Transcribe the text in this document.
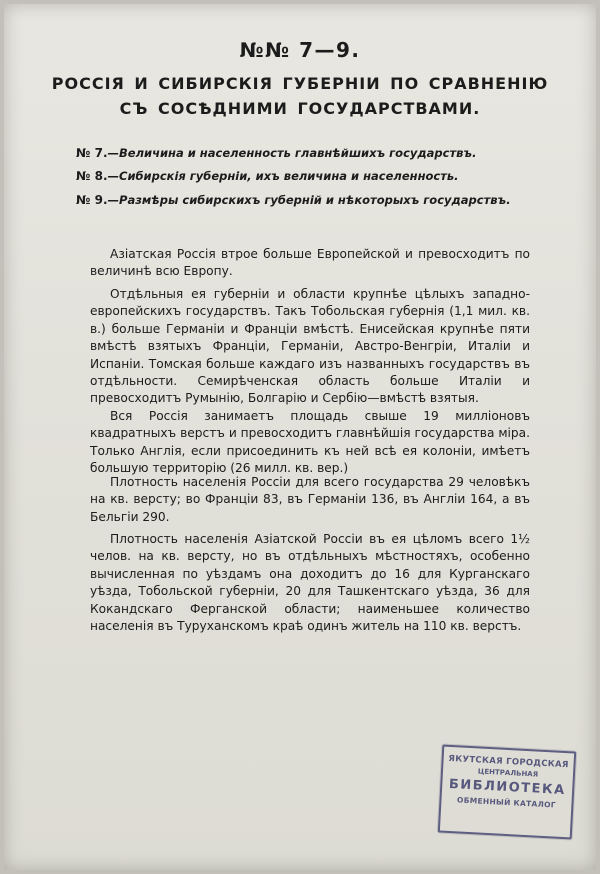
№№ 7—9.
РОССІЯ И СИБИРСКІЯ ГУБЕРНІИ ПО СРАВНЕНІЮ
СЪ СОСѢДНИМИ ГОСУДАРСТВАМИ.
№ 7.—Величина и населенность главнѣйшихъ государствъ.
№ 8.—Сибирскія губерніи, ихъ величина и населенность.
№ 9.—Размѣры сибирскихъ губерній и нѣкоторыхъ государствъ.

Азіатская Россія втрое больше Европейской и превосходитъ по величинѣ всю Европу.

Отдѣльныя ея губерніи и области крупнѣе цѣлыхъ западно-европейскихъ государствъ. Такъ Тобольская губернія (1,1 мил. кв. в.) больше Германіи и Франціи вмѣстѣ. Енисейская крупнѣе пяти вмѣстѣ взятыхъ Франціи, Германіи, Австро-Венгріи, Италіи и Испаніи. Томская больше каждаго изъ названныхъ государствъ въ отдѣльности. Семирѣченская область больше Италіи и превосходитъ Румынію, Болгарію и Сербію—вмѣстѣ взятыя.

Вся Россія занимаетъ площадь свыше 19 милліоновъ квадратныхъ верстъ и превосходитъ главнѣйшія государства міра. Только Англія, если присоединить къ ней всѣ ея колоніи, имѣетъ большую территорію (26 милл. кв. вер.)

Плотность населенія Россіи для всего государства 29 человѣкъ на кв. версту; во Франціи 83, въ Германіи 136, въ Англіи 164, а въ Бельгіи 290.

Плотность населенія Азіатской Россіи въ ея цѣломъ всего 1½ челов. на кв. версту, но въ отдѣльныхъ мѣстностяхъ, особенно вычисленная по уѣздамъ она доходитъ до 16 для Курганскаго уѣзда, Тобольской губерніи, 20 для Ташкентскаго уѣзда, 36 для Кокандскаго Ферганской области; наименьшее количество населенія въ Туруханскомъ краѣ одинъ житель на 110 кв. верстъ.

ЯКУТСКАЯ ГОРОДСКАЯ
ЦЕНТРАЛЬНАЯ
БИБЛИОТЕКА
ОБМЕННЫЙ КАТАЛОГ
